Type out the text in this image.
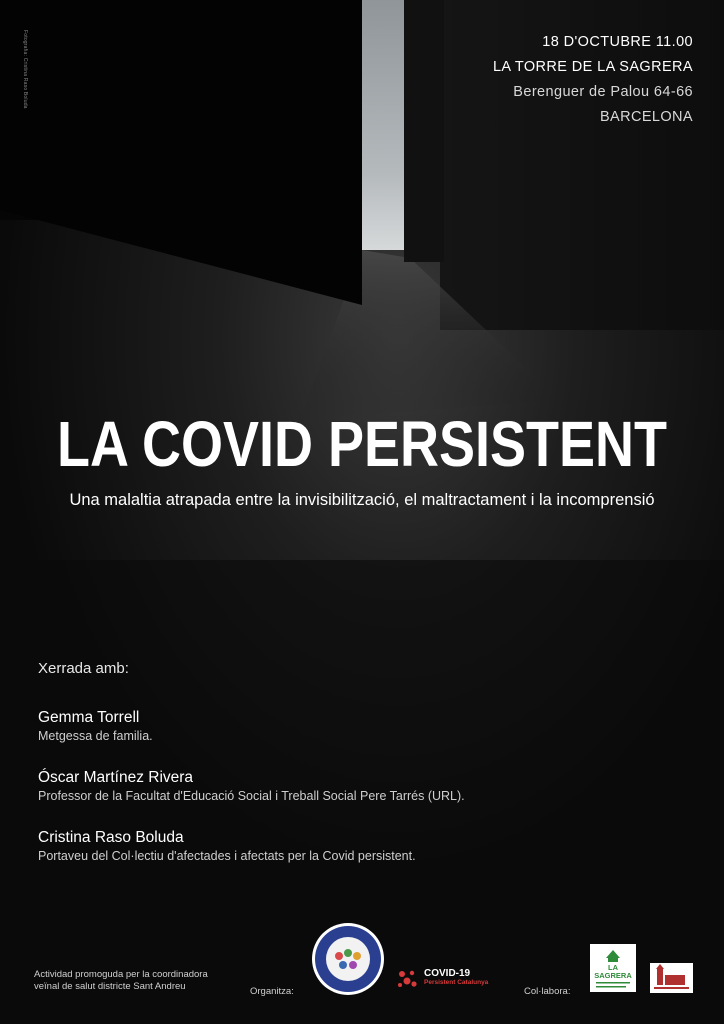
Fotografia: Cristina Raso Boluda	18 D'OCTUBRE 11.00
LA TORRE DE LA SAGRERA
Berenguer de Palou 64-66
BARCELONA
LA COVID PERSISTENT
Una malaltia atrapada entre la invisibilització, el maltractament i la incomprensió
Xerrada amb:
Gemma Torrell
Metgessa de familia.
Óscar Martínez Rivera
Professor de la Facultat d'Educació Social i Treball Social Pere Tarrés (URL).
Cristina Raso Boluda
Portaveu del Col·lectiu d'afectades i afectats per la Covid persistent.
Actividad promoguda per la coordinadora
veïnal de salut districte Sant Andreu	Organitza:
COVID-19
Persistent Catalunya
Col·labora:
LA
SAGRERA
